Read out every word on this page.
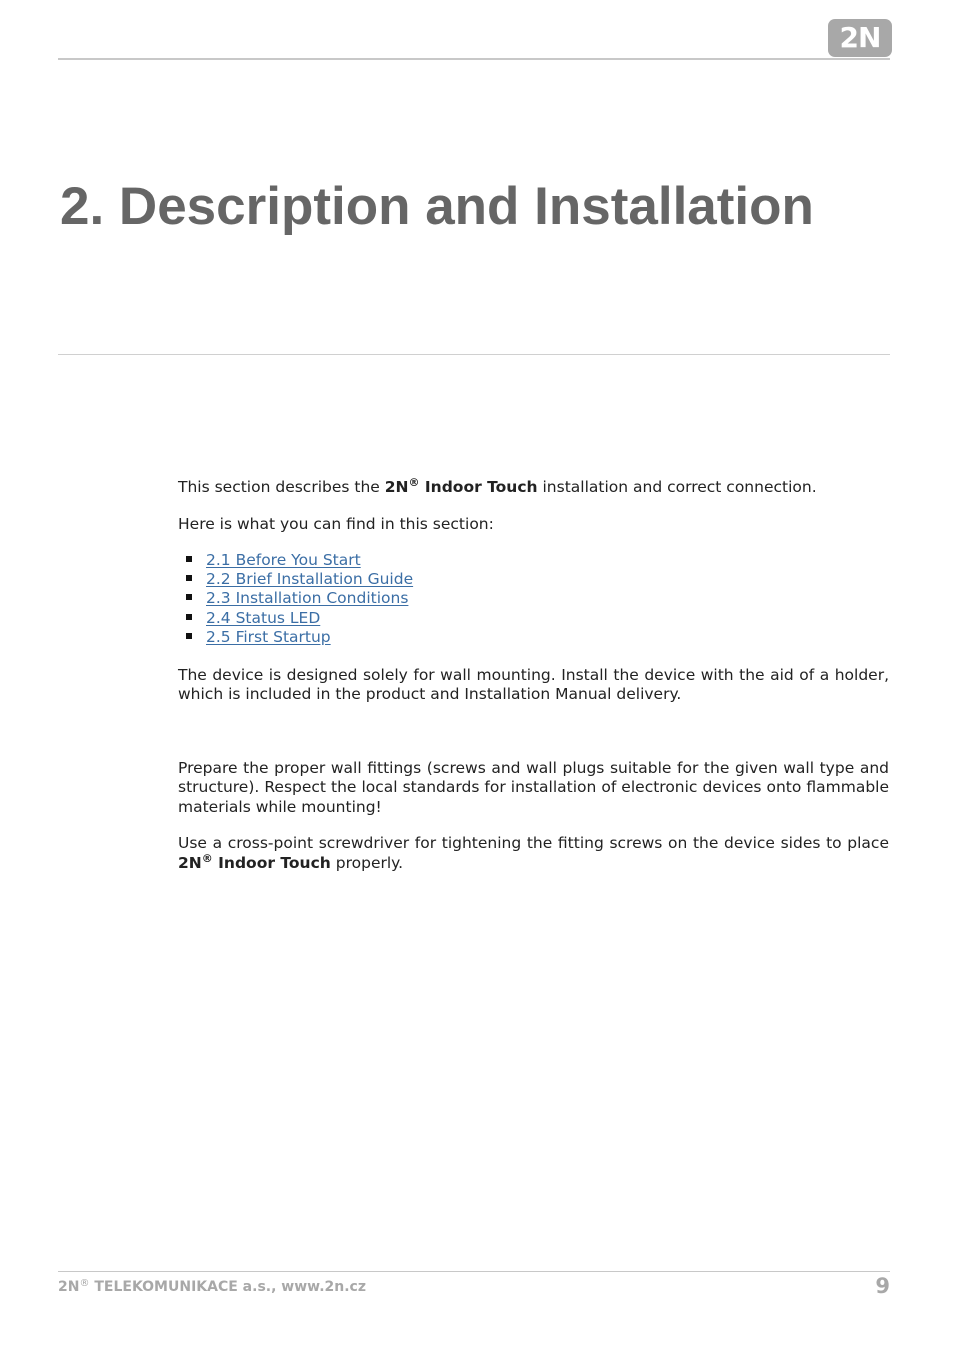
2N
2. Description and Installation

This section describes the 2N® Indoor Touch installation and correct connection.

Here is what you can find in this section:

2.1 Before You Start
2.2 Brief Installation Guide
2.3 Installation Conditions
2.4 Status LED
2.5 First Startup

The device is designed solely for wall mounting. Install the device with the aid of a holder, which is included in the product and Installation Manual delivery.

Prepare the proper wall fittings (screws and wall plugs suitable for the given wall type and structure). Respect the local standards for installation of electronic devices onto flammable materials while mounting!

Use a cross-point screwdriver for tightening the fitting screws on the device sides to place 2N® Indoor Touch properly.

2N® TELEKOMUNIKACE a.s., www.2n.cz	9
